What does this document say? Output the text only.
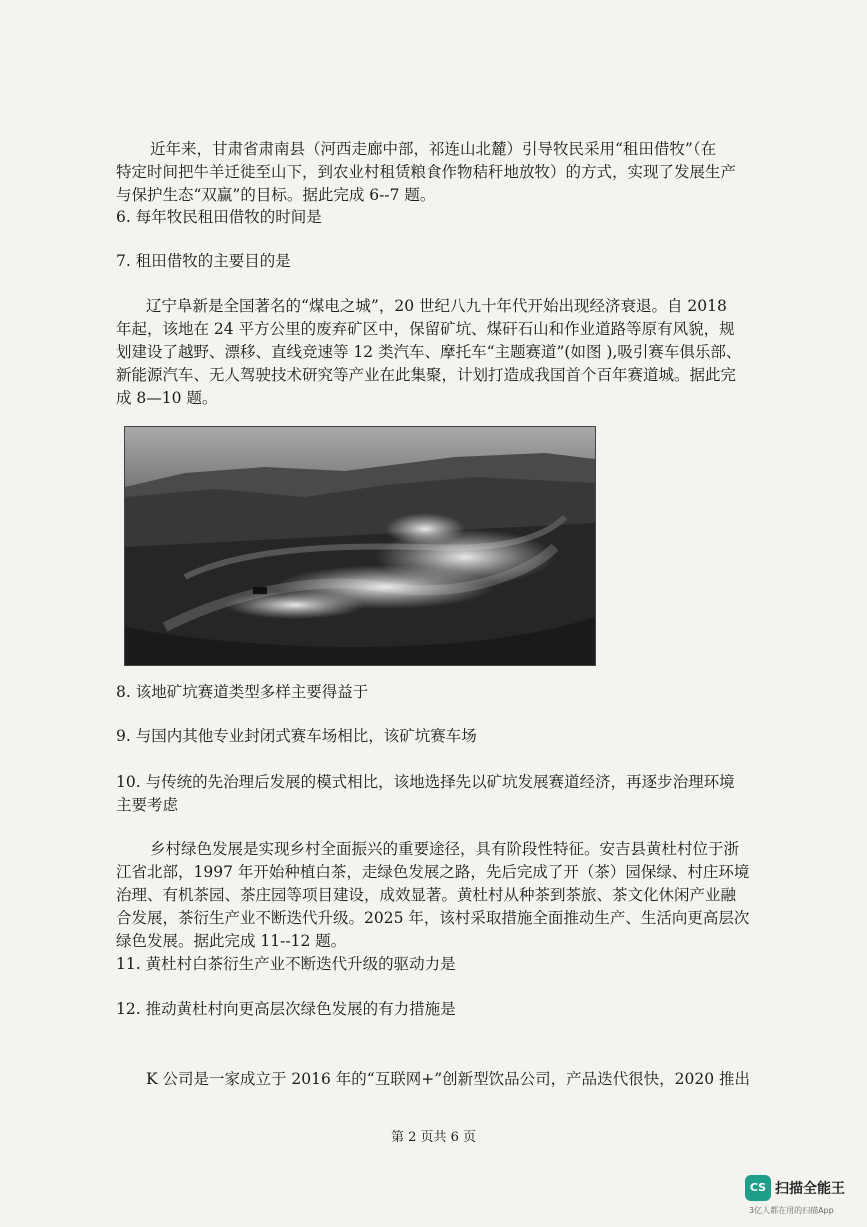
近年来，甘肃省肃南县（河西走廊中部，祁连山北麓）引导牧民采用“租田借牧”（在
特定时间把牛羊迁徙至山下，到农业村租赁粮食作物秸秆地放牧）的方式，实现了发展生产
与保护生态“双赢”的目标。据此完成 6--7 题。
6. 每年牧民租田借牧的时间是
7. 租田借牧的主要目的是
辽宁阜新是全国著名的“煤电之城”，20 世纪八九十年代开始出现经济衰退。自 2018
年起，该地在 24 平方公里的废弃矿区中，保留矿坑、煤矸石山和作业道路等原有风貌，规
划建设了越野、漂移、直线竞速等 12 类汽车、摩托车“主题赛道”(如图 ),吸引赛车俱乐部、
新能源汽车、无人驾驶技术研究等产业在此集聚，计划打造成我国首个百年赛道城。据此完
成 8—10 题。
8. 该地矿坑赛道类型多样主要得益于
9. 与国内其他专业封闭式赛车场相比，该矿坑赛车场
10. 与传统的先治理后发展的模式相比，该地选择先以矿坑发展赛道经济，再逐步治理环境
主要考虑
乡村绿色发展是实现乡村全面振兴的重要途径，具有阶段性特征。安吉县黄杜村位于浙
江省北部，1997 年开始种植白茶，走绿色发展之路，先后完成了开（茶）园保绿、村庄环境
治理、有机茶园、茶庄园等项目建设，成效显著。黄杜村从种茶到茶旅、茶文化休闲产业融
合发展，茶衍生产业不断迭代升级。2025 年，该村采取措施全面推动生产、生活向更高层次
绿色发展。据此完成 11--12 题。
11. 黄杜村白茶衍生产业不断迭代升级的驱动力是
12. 推动黄杜村向更高层次绿色发展的有力措施是
K 公司是一家成立于 2016 年的“互联网+”创新型饮品公司，产品迭代很快，2020 推出
第 2 页共 6 页
CS 扫描全能王
3亿人都在用的扫描App
